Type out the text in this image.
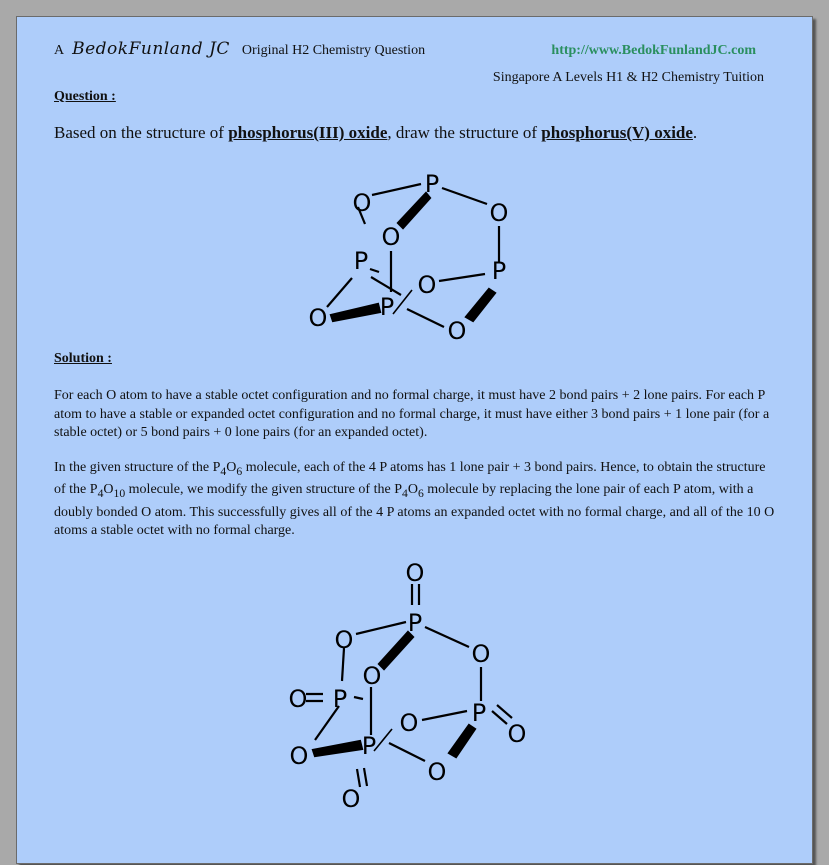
A BedokFunland JC Original H2 Chemistry Question	http://www.BedokFunlandJC.com
Singapore A Levels H1 & H2 Chemistry Tuition
Question :
Based on the structure of phosphorus(III) oxide, draw the structure of phosphorus(V) oxide.
Solution :

For each O atom to have a stable octet configuration and no formal charge, it must have 2 bond pairs + 2 lone pairs. For each P atom to have a stable or expanded octet configuration and no formal charge, it must have either 3 bond pairs + 1 lone pair (for a stable octet) or 5 bond pairs + 0 lone pairs (for an expanded octet).

In the given structure of the $P_4O_6$ molecule, each of the 4 P atoms has 1 lone pair + 3 bond pairs. Hence, to obtain the structure of the $P_4O_{10}$ molecule, we modify the given structure of the $P_4O_6$ molecule by replacing the lone pair of each P atom, with a doubly bonded O atom. This successfully gives all of the 4 P atoms an expanded octet with no formal charge, and all of the 10 O atoms a stable octet with no formal charge.

P
O	O
O
P	P
O
P
O	O
O
P
O	O
O
O P	P
O	O
P
O
O
O
